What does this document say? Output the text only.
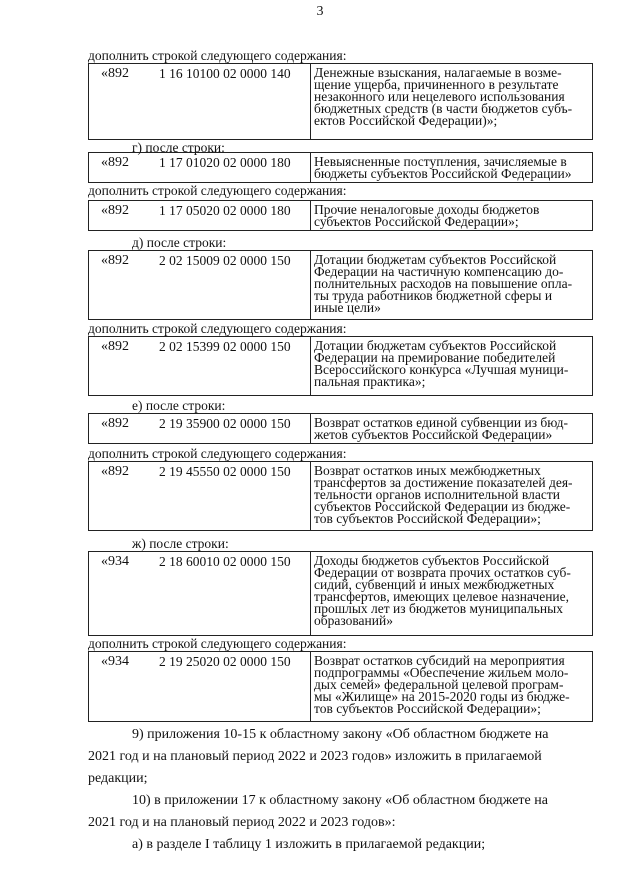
3
дополнить строкой следующего содержания:
«892	1 16 10100 02 0000 140	Денежные взыскания, налагаемые в возме-
щение ущерба, причиненного в результате
незаконного или нецелевого использования
бюджетных средств (в части бюджетов субъ-
ектов Российской Федерации)»;
г) после строки:
«892	1 17 01020 02 0000 180	Невыясненные поступления, зачисляемые в
бюджеты субъектов Российской Федерации»
дополнить строкой следующего содержания:
«892	1 17 05020 02 0000 180	Прочие неналоговые доходы бюджетов
субъектов Российской Федерации»;
д) после строки:
«892	2 02 15009 02 0000 150	Дотации бюджетам субъектов Российской
Федерации на частичную компенсацию до-
полнительных расходов на повышение опла-
ты труда работников бюджетной сферы и
иные цели»
дополнить строкой следующего содержания:
«892	2 02 15399 02 0000 150	Дотации бюджетам субъектов Российской
Федерации на премирование победителей
Всероссийского конкурса «Лучшая муници-
пальная практика»;
е) после строки:
«892	2 19 35900 02 0000 150	Возврат остатков единой субвенции из бюд-
жетов субъектов Российской Федерации»
дополнить строкой следующего содержания:
«892	2 19 45550 02 0000 150	Возврат остатков иных межбюджетных
трансфертов за достижение показателей дея-
тельности органов исполнительной власти
субъектов Российской Федерации из бюдже-
тов субъектов Российской Федерации»;
ж) после строки:
«934	2 18 60010 02 0000 150	Доходы бюджетов субъектов Российской
Федерации от возврата прочих остатков суб-
сидий, субвенций и иных межбюджетных
трансфертов, имеющих целевое назначение,
прошлых лет из бюджетов муниципальных
образований»
дополнить строкой следующего содержания:
«934	2 19 25020 02 0000 150	Возврат остатков субсидий на мероприятия
подпрограммы «Обеспечение жильем моло-
дых семей» федеральной целевой програм-
мы «Жилище» на 2015-2020 годы из бюдже-
тов субъектов Российской Федерации»;
9) приложения 10-15 к областному закону «Об областном бюджете на
2021 год и на плановый период 2022 и 2023 годов» изложить в прилагаемой
редакции;
10) в приложении 17 к областному закону «Об областном бюджете на
2021 год и на плановый период 2022 и 2023 годов»:
а) в разделе I таблицу 1 изложить в прилагаемой редакции;
